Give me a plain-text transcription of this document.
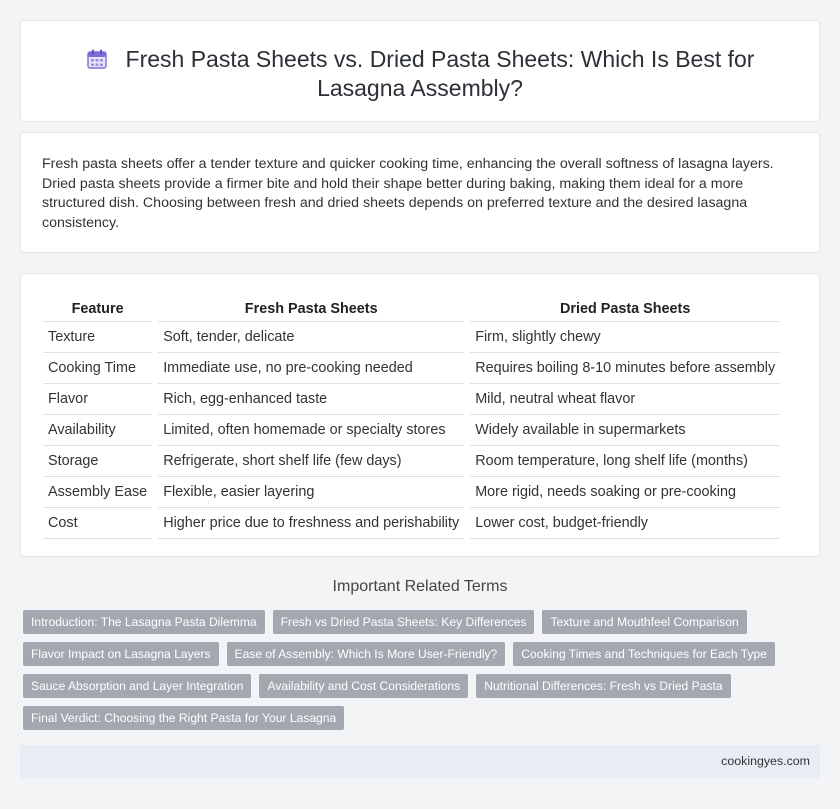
Fresh Pasta Sheets vs. Dried Pasta Sheets: Which Is Best for
Lasagna Assembly?

Fresh pasta sheets offer a tender texture and quicker cooking time, enhancing the overall softness of lasagna layers. Dried pasta sheets provide a firmer bite and hold their shape better during baking, making them ideal for a more structured dish. Choosing between fresh and dried sheets depends on preferred texture and the desired lasagna consistency.

Feature	Fresh Pasta Sheets	Dried Pasta Sheets
Texture	Soft, tender, delicate	Firm, slightly chewy
Cooking Time	Immediate use, no pre-cooking needed	Requires boiling 8-10 minutes before assembly
Flavor	Rich, egg-enhanced taste	Mild, neutral wheat flavor
Availability	Limited, often homemade or specialty stores	Widely available in supermarkets
Storage	Refrigerate, short shelf life (few days)	Room temperature, long shelf life (months)
Assembly Ease	Flexible, easier layering	More rigid, needs soaking or pre-cooking
Cost	Higher price due to freshness and perishability	Lower cost, budget-friendly
Important Related Terms
Introduction: The Lasagna Pasta Dilemma	Fresh vs Dried Pasta Sheets: Key Differences	Texture and Mouthfeel Comparison
Flavor Impact on Lasagna Layers	Ease of Assembly: Which Is More User-Friendly?	Cooking Times and Techniques for Each Type
Sauce Absorption and Layer Integration	Availability and Cost Considerations	Nutritional Differences: Fresh vs Dried Pasta
Final Verdict: Choosing the Right Pasta for Your Lasagna
cookingyes.com
